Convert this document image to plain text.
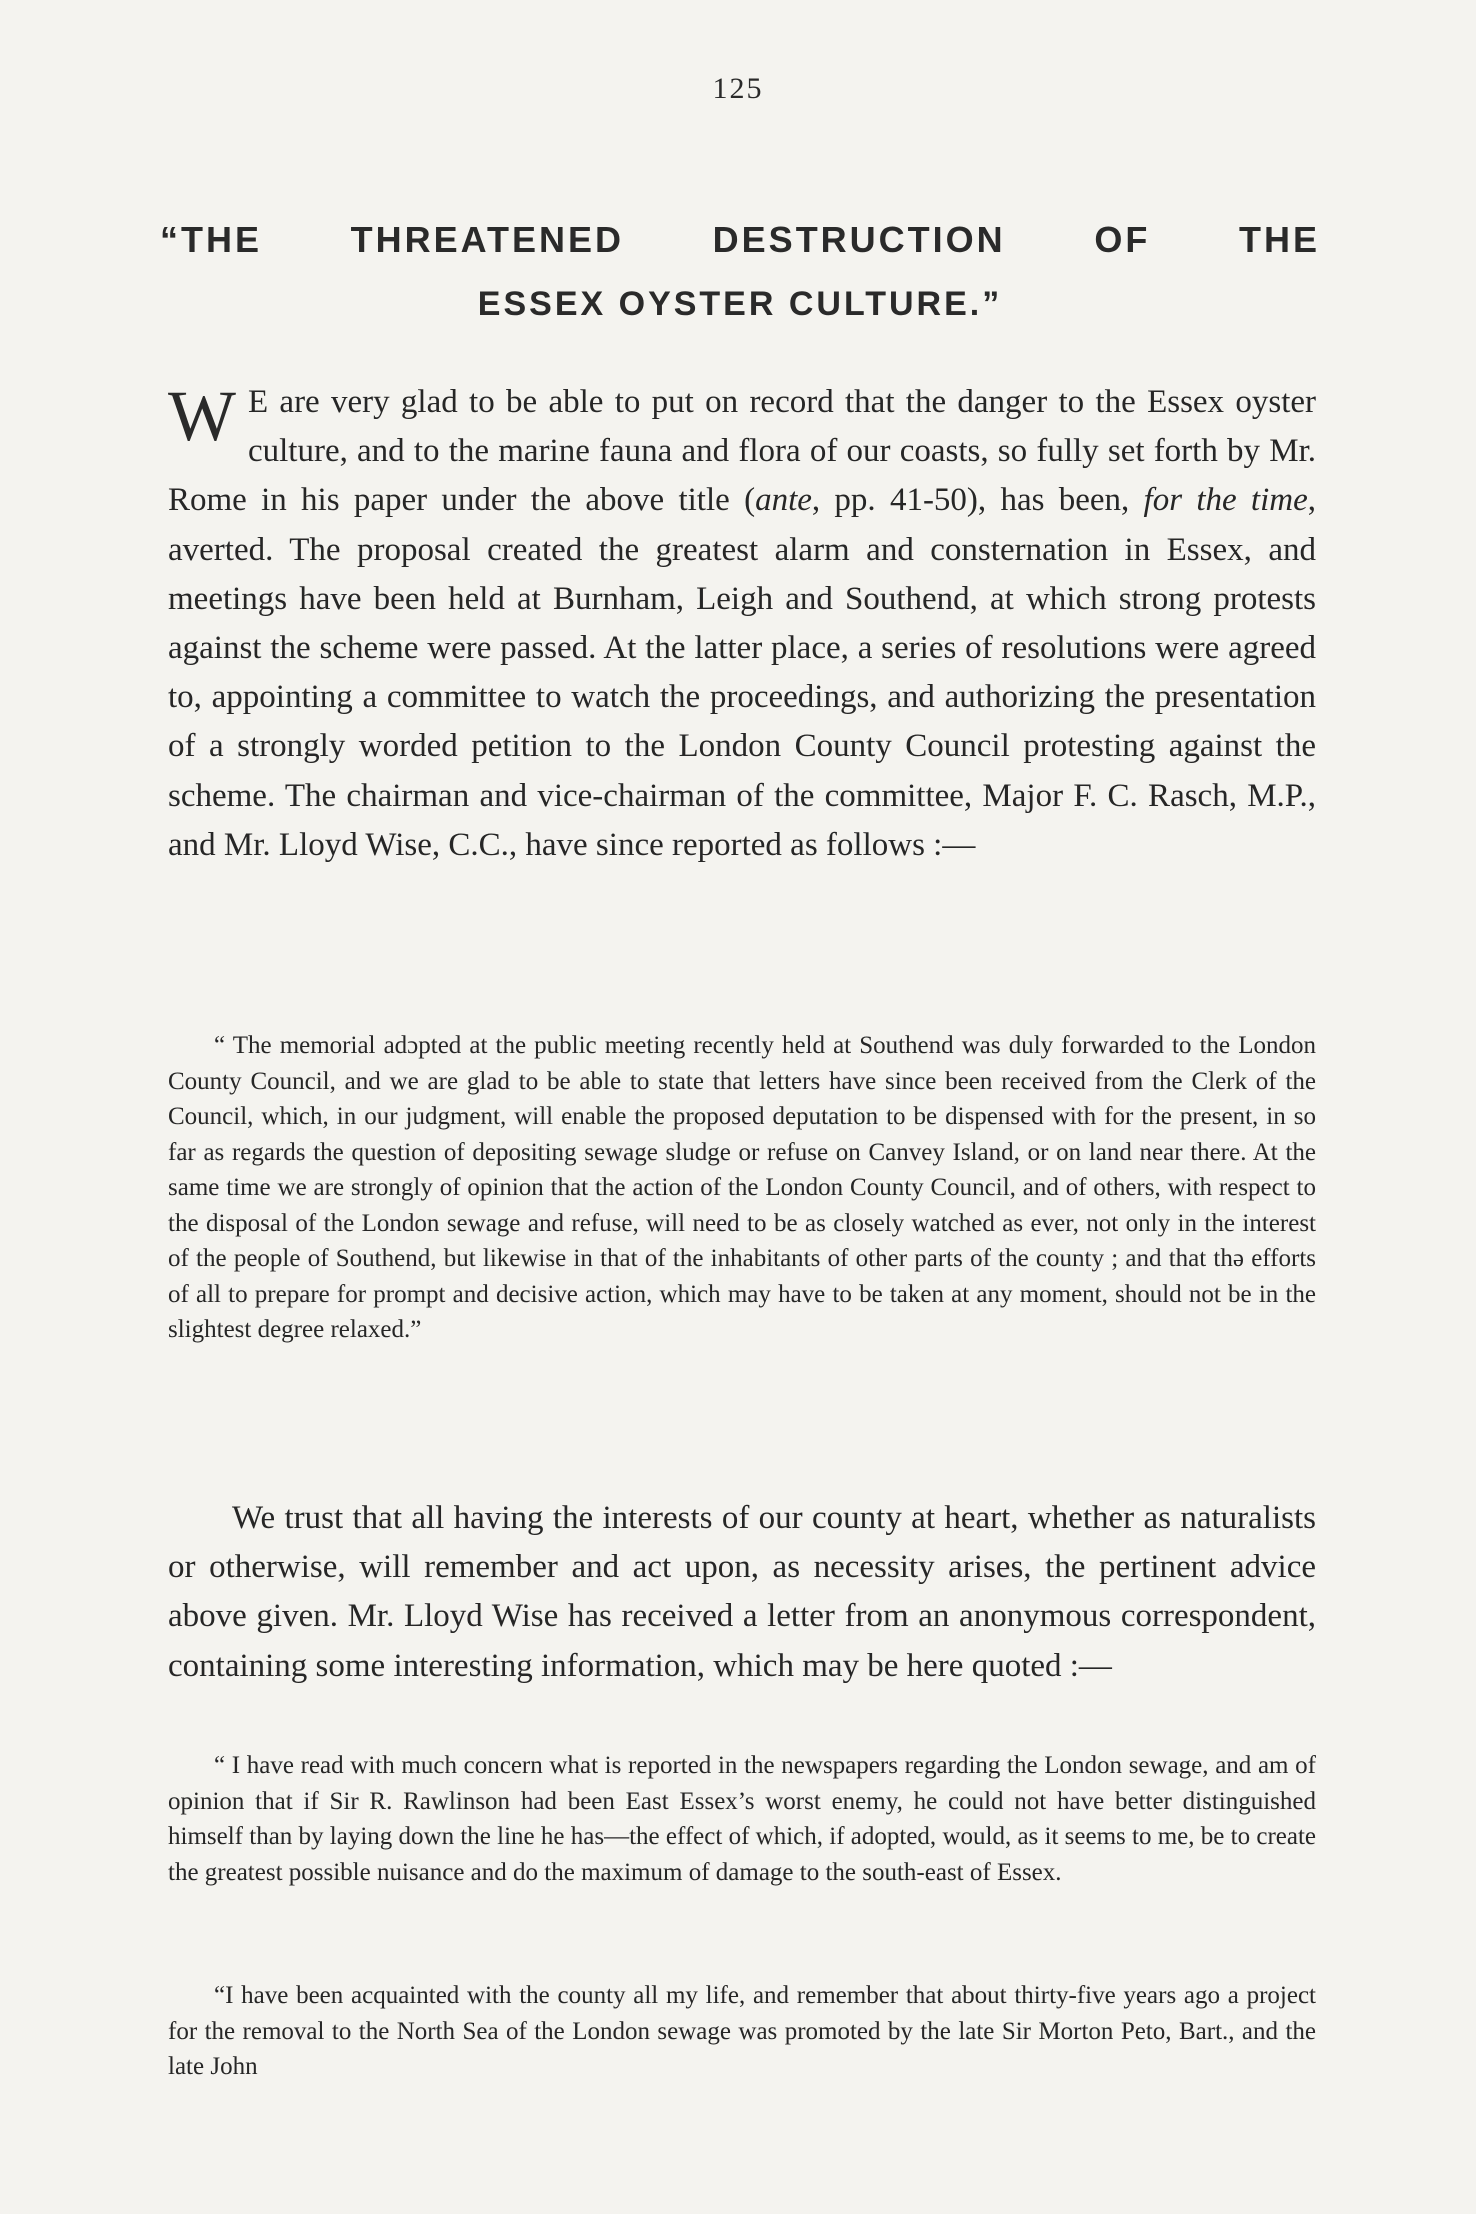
125
“THE THREATENED DESTRUCTION OF THE
ESSEX OYSTER CULTURE.”

W E are very glad to be able to put on record that the danger to the Essex oyster culture, and to the marine fauna and flora of our coasts, so fully set forth by Mr. Rome in his paper under the above title (ante, pp. 41-50), has been, for the time, averted. The proposal created the greatest alarm and consternation in Essex, and meetings have been held at Burnham, Leigh and Southend, at which strong protests against the scheme were passed. At the latter place, a series of resolutions were agreed to, appointing a committee to watch the proceedings, and authorizing the presentation of a strongly worded petition to the London County Council protesting against the scheme. The chairman and vice-chairman of the committee, Major F. C. Rasch, M.P., and Mr. Lloyd Wise, C.C., have since reported as follows :—

“ The memorial adɔpted at the public meeting recently held at Southend was duly forwarded to the London County Council, and we are glad to be able to state that letters have since been received from the Clerk of the Council, which, in our judgment, will enable the proposed deputation to be dispensed with for the present, in so far as regards the question of depositing sewage sludge or refuse on Canvey Island, or on land near there. At the same time we are strongly of opinion that the action of the London County Council, and of others, with respect to the disposal of the London sewage and refuse, will need to be as closely watched as ever, not only in the interest of the people of Southend, but likewise in that of the inhabitants of other parts of the county ; and that thə efforts of all to prepare for prompt and decisive action, which may have to be taken at any moment, should not be in the slightest degree relaxed.”

We trust that all having the interests of our county at heart, whether as naturalists or otherwise, will remember and act upon, as necessity arises, the pertinent advice above given. Mr. Lloyd Wise has received a letter from an anonymous correspondent, containing some interesting information, which may be here quoted :—

“ I have read with much concern what is reported in the newspapers regarding the London sewage, and am of opinion that if Sir R. Rawlinson had been East Essex’s worst enemy, he could not have better distinguished himself than by laying down the line he has—the effect of which, if adopted, would, as it seems to me, be to create the greatest possible nuisance and do the maximum of damage to the south-east of Essex.

“I have been acquainted with the county all my life, and remember that about thirty-five years ago a project for the removal to the North Sea of the London sewage was promoted by the late Sir Morton Peto, Bart., and the late John
